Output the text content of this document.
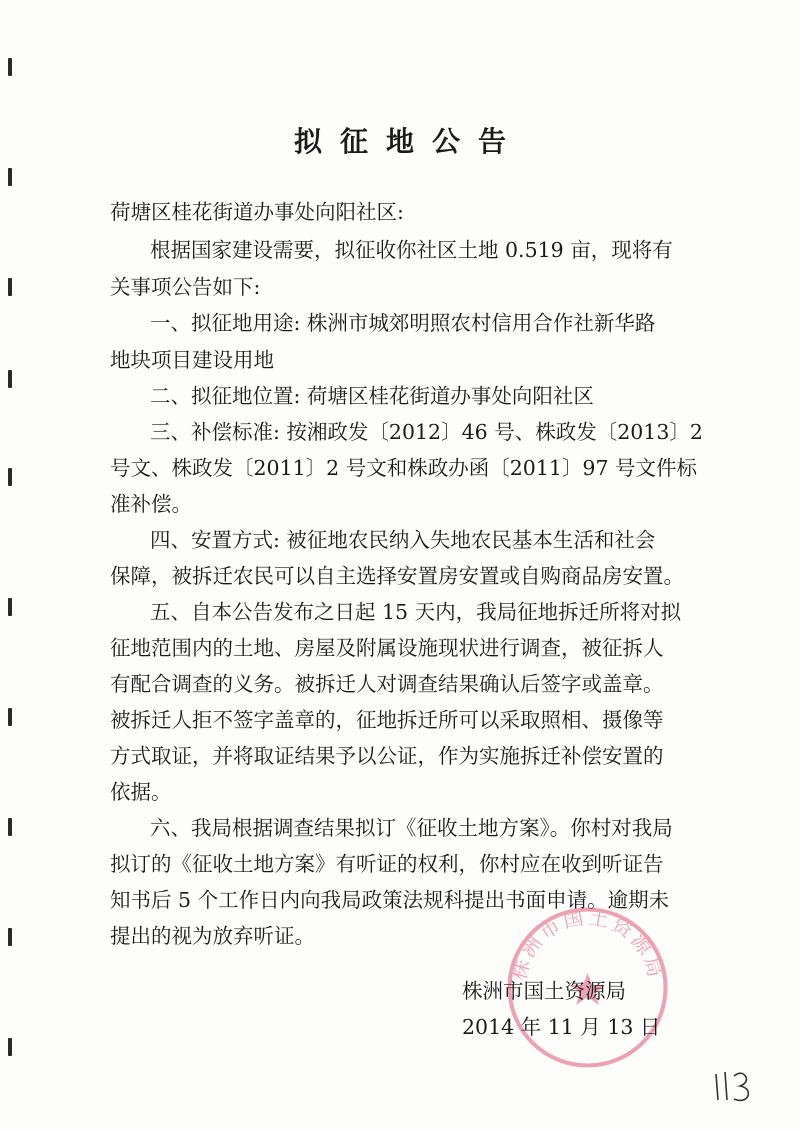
拟征地公告
荷塘区桂花街道办事处向阳社区:
根据国家建设需要，拟征收你社区土地 0.519 亩，现将有
关事项公告如下:
一、拟征地用途: 株洲市城郊明照农村信用合作社新华路
地块项目建设用地
二、拟征地位置: 荷塘区桂花街道办事处向阳社区
三、补偿标准: 按湘政发〔2012〕46 号、株政发〔2013〕2
号文、株政发〔2011〕2 号文和株政办函〔2011〕97 号文件标
准补偿。
四、安置方式: 被征地农民纳入失地农民基本生活和社会
保障，被拆迁农民可以自主选择安置房安置或自购商品房安置。
五、自本公告发布之日起 15 天内，我局征地拆迁所将对拟
征地范围内的土地、房屋及附属设施现状进行调查，被征拆人
有配合调查的义务。被拆迁人对调查结果确认后签字或盖章。
被拆迁人拒不签字盖章的，征地拆迁所可以采取照相、摄像等
方式取证，并将取证结果予以公证，作为实施拆迁补偿安置的
依据。
六、我局根据调查结果拟订《征收土地方案》。你村对我局
拟订的《征收土地方案》有听证的权利，你村应在收到听证告
知书后 5 个工作日内向我局政策法规科提出书面申请。逾期未
提出的视为放弃听证。
株洲市国土资源局
株洲市国土资源局
2014 年 11 月 13 日
